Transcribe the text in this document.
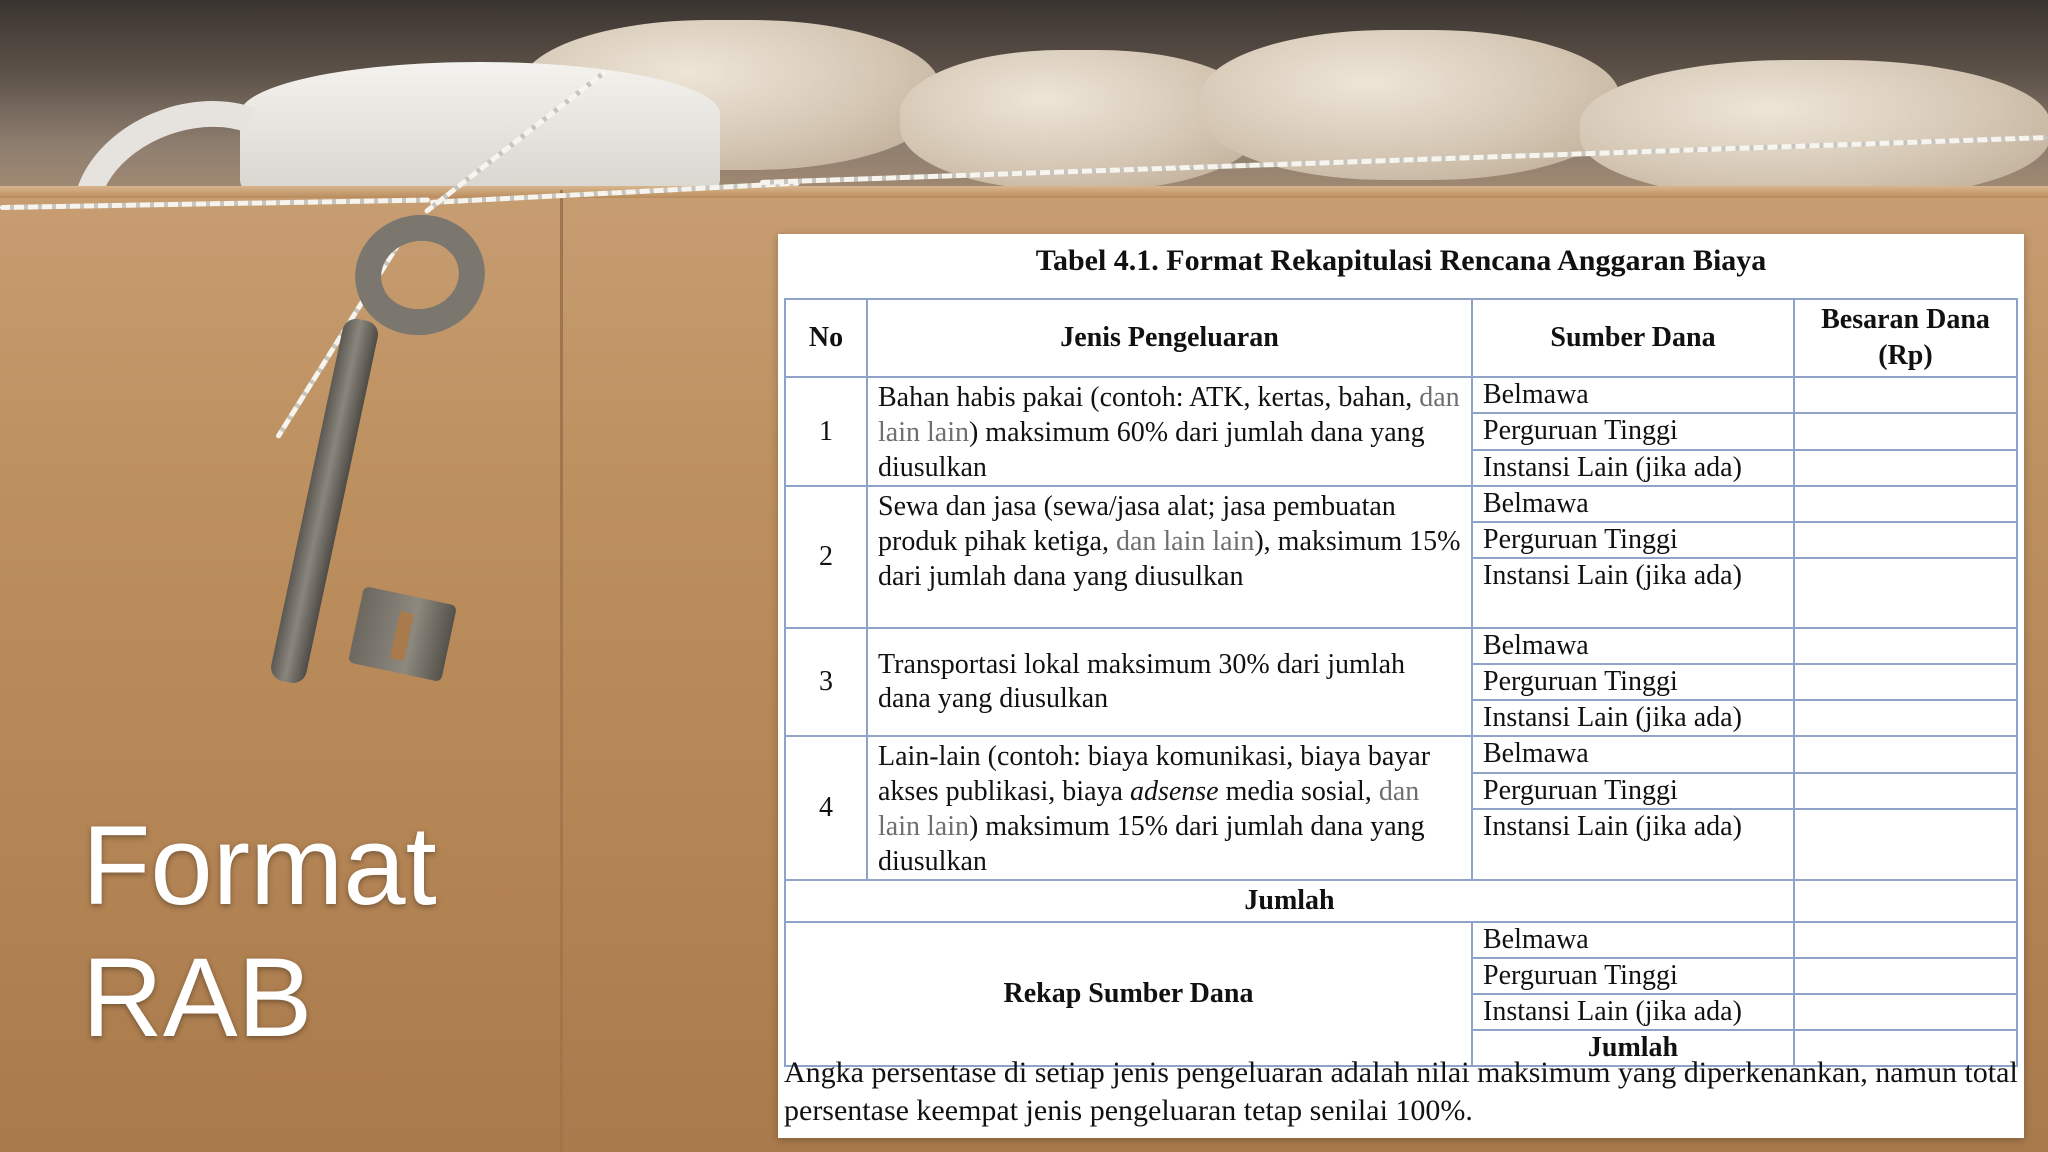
Format
RAB
Tabel 4.1. Format Rekapitulasi Rencana Anggaran Biaya
No	Jenis Pengeluaran	Sumber Dana	Besaran Dana (Rp)
1	Bahan habis pakai (contoh: ATK, kertas, bahan, dan lain lain) maksimum 60% dari jumlah dana yang diusulkan	Belmawa	
		Perguruan Tinggi	
		Instansi Lain (jika ada)	
2	Sewa dan jasa (sewa/jasa alat; jasa pembuatan produk pihak ketiga, dan lain lain), maksimum 15% dari jumlah dana yang diusulkan	Belmawa	
		Perguruan Tinggi	
		Instansi Lain (jika ada)	
3	Transportasi lokal maksimum 30% dari jumlah dana yang diusulkan	Belmawa	
		Perguruan Tinggi	
		Instansi Lain (jika ada)	
4	Lain-lain (contoh: biaya komunikasi, biaya bayar akses publikasi, biaya adsense media sosial, dan lain lain) maksimum 15% dari jumlah dana yang diusulkan	Belmawa	
		Perguruan Tinggi	
		Instansi Lain (jika ada)	
Jumlah			
Rekap Sumber Dana		Belmawa	
		Perguruan Tinggi	
		Instansi Lain (jika ada)	
		Jumlah	
Angka persentase di setiap jenis pengeluaran adalah nilai maksimum yang diperkenankan, namun total persentase keempat jenis pengeluaran tetap senilai 100%.
